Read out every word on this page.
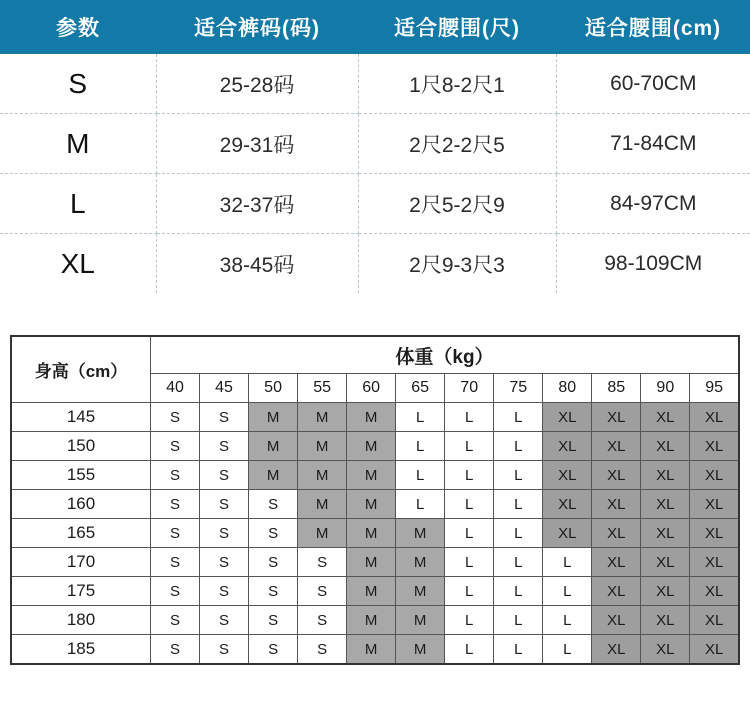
参数	适合裤码(码)	适合腰围(尺)	适合腰围(cm)
S	25-28码	1尺8-2尺1	60-70CM
M	29-31码	2尺2-2尺5	71-84CM
L	32-37码	2尺5-2尺9	84-97CM
XL	38-45码	2尺9-3尺3	98-109CM
身高（cm）	体重（kg）											
	40	45	50	55	60	65	70	75	80	85	90	95
145	S	S	M	M	M	L	L	L	XL	XL	XL	XL
150	S	S	M	M	M	L	L	L	XL	XL	XL	XL
155	S	S	M	M	M	L	L	L	XL	XL	XL	XL
160	S	S	S	M	M	L	L	L	XL	XL	XL	XL
165	S	S	S	M	M	M	L	L	XL	XL	XL	XL
170	S	S	S	S	M	M	L	L	L	XL	XL	XL
175	S	S	S	S	M	M	L	L	L	XL	XL	XL
180	S	S	S	S	M	M	L	L	L	XL	XL	XL
185	S	S	S	S	M	M	L	L	L	XL	XL	XL
